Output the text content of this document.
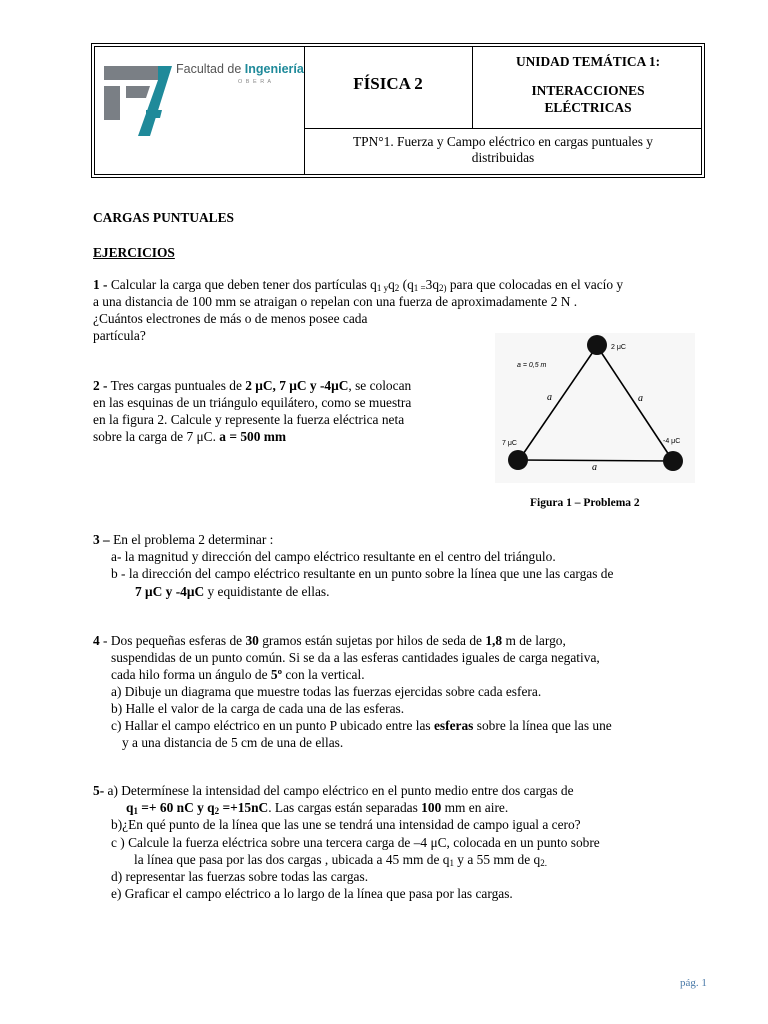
Facultad de Ingeniería
O B E R A	FÍSICA 2
UNIDAD TEMÁTICA 1:
INTERACCIONES
ELÉCTRICAS
TPN°1. Fuerza y Campo eléctrico en cargas puntuales y
distribuidas
CARGAS PUNTUALES
EJERCICIOS
1 - Calcular la carga que deben tener dos partículas $q_{1 y}q_2$ ($q_{1 =}3q_{2)}$ para que colocadas en el vacío y
a una distancia de 100 mm se atraigan o repelan con una fuerza de aproximadamente 2 N .
¿Cuántos electrones de más o de menos posee cada
partícula?
2 - Tres cargas puntuales de 2 μC, 7 μC y -4μC, se colocan
en las esquinas de un triángulo equilátero, como se muestra
en la figura 2. Calcule y represente la fuerza eléctrica neta
sobre la carga de 7 μC. a = 500 mm
a = 0,5 m
a	a
a
2 μC
7 μC	-4 μC
Figura 1 – Problema 2
3 – En el problema 2 determinar :
a- la magnitud y dirección del campo eléctrico resultante en el centro del triángulo.
b - la dirección del campo eléctrico resultante en un punto sobre la línea que une las cargas de
7 μC y -4μC y equidistante de ellas.
4 - Dos pequeñas esferas de 30 gramos están sujetas por hilos de seda de 1,8 m de largo,
suspendidas de un punto común. Si se da a las esferas cantidades iguales de carga negativa,
cada hilo forma un ángulo de 5º con la vertical.
a) Dibuje un diagrama que muestre todas las fuerzas ejercidas sobre cada esfera.
b) Halle el valor de la carga de cada una de las esferas.
c) Hallar el campo eléctrico en un punto P ubicado entre las esferas sobre la línea que las une
y a una distancia de 5 cm de una de ellas.
5- a) Determínese la intensidad del campo eléctrico en el punto medio entre dos cargas de
$q_1 =+ 60$ nC y $q_2 =+15nC$. Las cargas están separadas 100 mm en aire.
b)¿En qué punto de la línea que las une se tendrá una intensidad de campo igual a cero?
c ) Calcule la fuerza eléctrica sobre una tercera carga de –4 μC, colocada en un punto sobre
la línea que pasa por las dos cargas , ubicada a 45 mm de $q_1$ y a 55 mm de $q_{2.}$
d) representar las fuerzas sobre todas las cargas.
e) Graficar el campo eléctrico a lo largo de la línea que pasa por las cargas.
pág. 1
